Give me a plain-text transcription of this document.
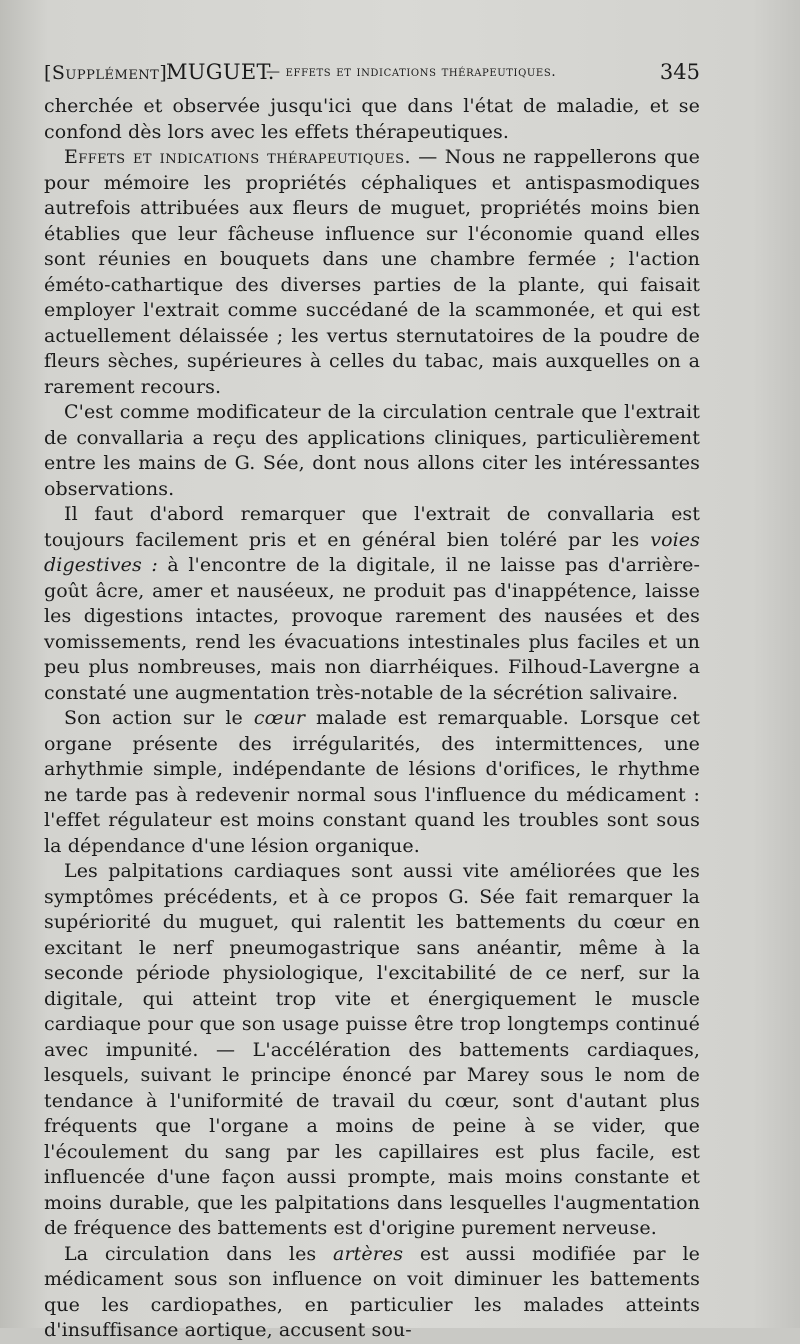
[Supplément]
MUGUET.
— effets et indications thérapeutiques.	345

cherchée et observée jusqu'ici que dans l'état de maladie, et se confond dès lors avec les effets thérapeutiques.

Effets et indications thérapeutiques. — Nous ne rappellerons que pour mémoire les propriétés céphaliques et antispasmodiques autrefois attribuées aux fleurs de muguet, propriétés moins bien établies que leur fâcheuse influence sur l'économie quand elles sont réunies en bouquets dans une chambre fermée ; l'action éméto-cathartique des diverses parties de la plante, qui faisait employer l'extrait comme succédané de la scammonée, et qui est actuellement délaissée ; les vertus sternutatoires de la poudre de fleurs sèches, supérieures à celles du tabac, mais auxquelles on a rarement recours.

C'est comme modificateur de la circulation centrale que l'extrait de convallaria a reçu des applications cliniques, particulièrement entre les mains de G. Sée, dont nous allons citer les intéressantes observations.

Il faut d'abord remarquer que l'extrait de convallaria est toujours facilement pris et en général bien toléré par les voies digestives : à l'encontre de la digitale, il ne laisse pas d'arrière-goût âcre, amer et nauséeux, ne produit pas d'inappétence, laisse les digestions intactes, provoque rarement des nausées et des vomissements, rend les évacuations intestinales plus faciles et un peu plus nombreuses, mais non diarrhéiques. Filhoud-Lavergne a constaté une augmentation très-notable de la sécrétion salivaire.

Son action sur le cœur malade est remarquable. Lorsque cet organe présente des irrégularités, des intermittences, une arhythmie simple, indépendante de lésions d'orifices, le rhythme ne tarde pas à redevenir normal sous l'influence du médicament : l'effet régulateur est moins constant quand les troubles sont sous la dépendance d'une lésion organique.

Les palpitations cardiaques sont aussi vite améliorées que les symptômes précédents, et à ce propos G. Sée fait remarquer la supériorité du muguet, qui ralentit les battements du cœur en excitant le nerf pneumogastrique sans anéantir, même à la seconde période physiologique, l'excitabilité de ce nerf, sur la digitale, qui atteint trop vite et énergiquement le muscle cardiaque pour que son usage puisse être trop longtemps continué avec impunité. — L'accélération des battements cardiaques, lesquels, suivant le principe énoncé par Marey sous le nom de tendance à l'uniformité de travail du cœur, sont d'autant plus fréquents que l'organe a moins de peine à se vider, que l'écoulement du sang par les capillaires est plus facile, est influencée d'une façon aussi prompte, mais moins constante et moins durable, que les palpitations dans lesquelles l'augmentation de fréquence des battements est d'origine purement nerveuse.

La circulation dans les artères est aussi modifiée par le médicament sous son influence on voit diminuer les battements que les cardiopathes, en particulier les malades atteints d'insuffisance aortique, accusent sou-
